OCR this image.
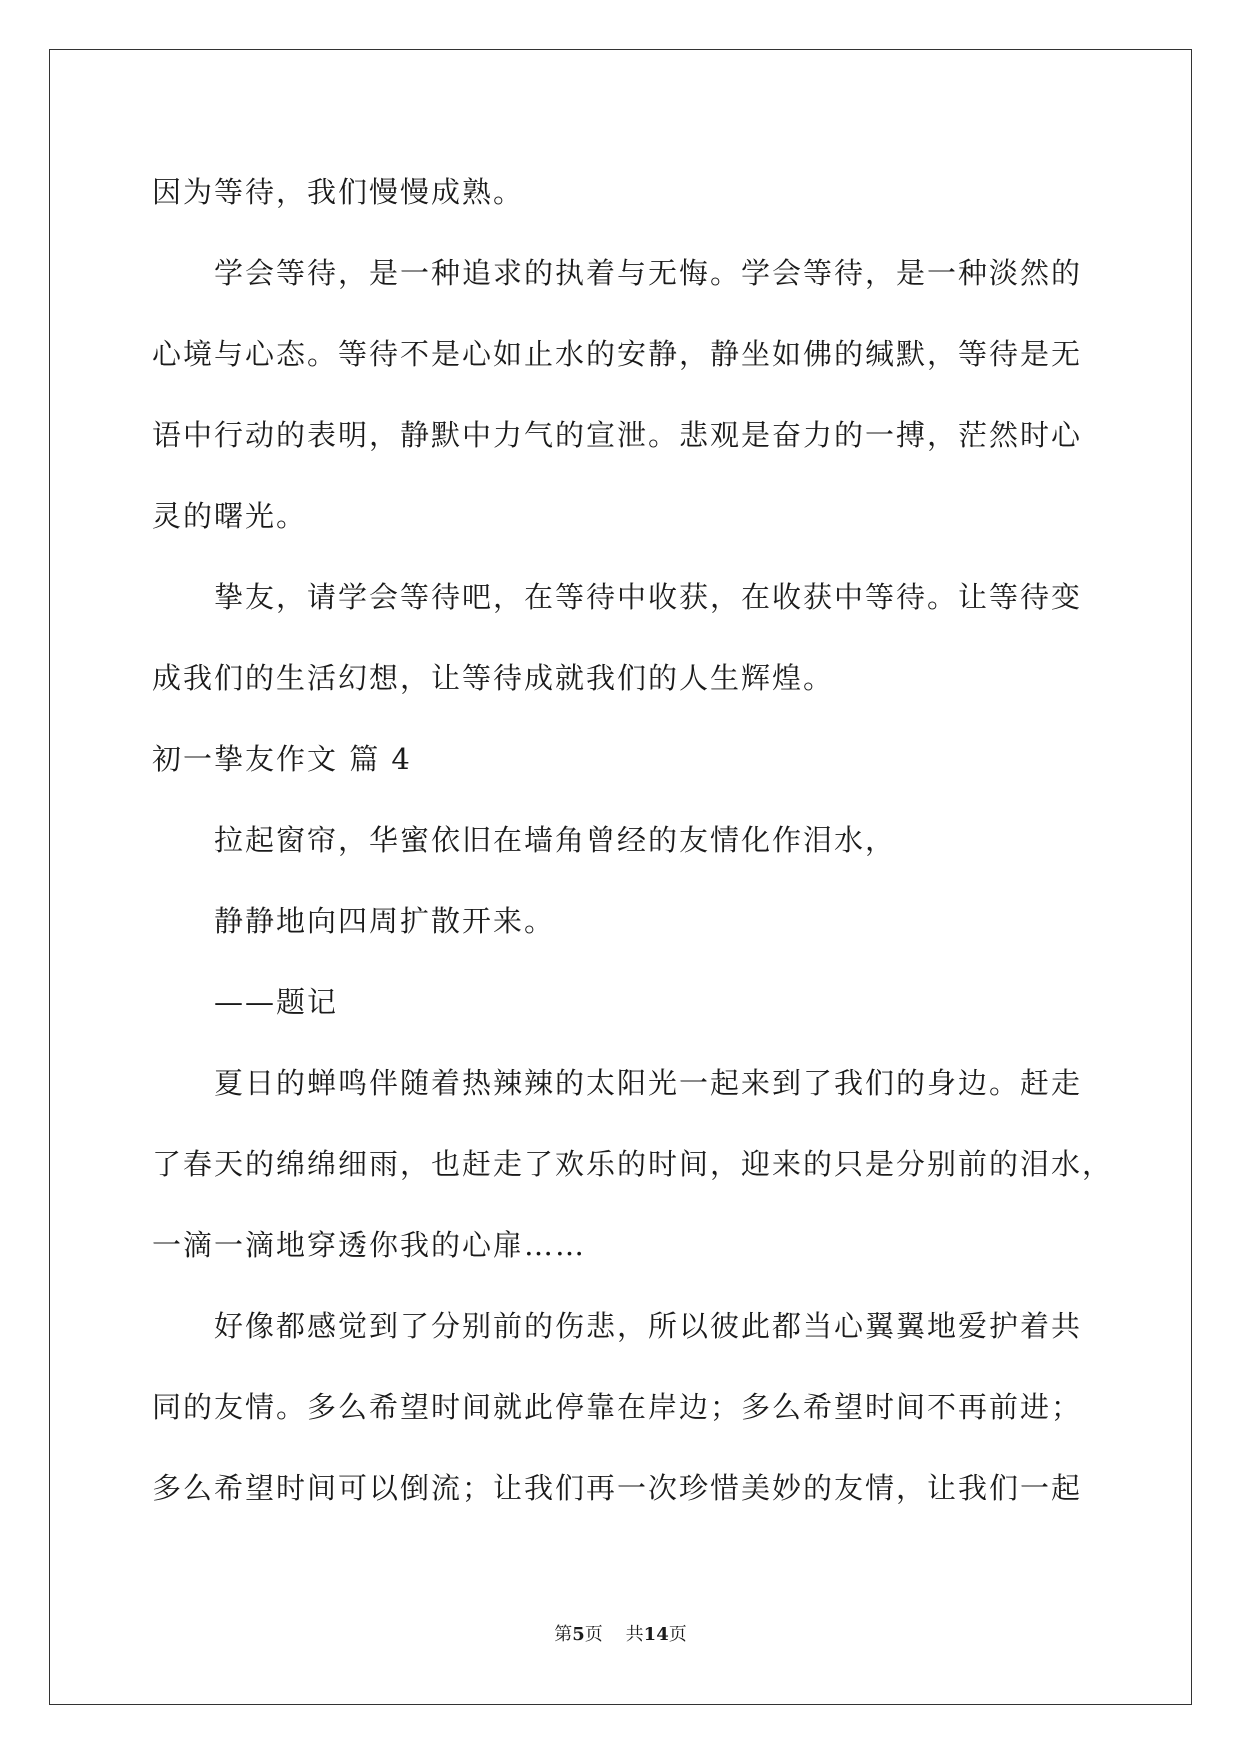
因为等待，我们慢慢成熟。
学会等待，是一种追求的执着与无悔。学会等待，是一种淡然的
心境与心态。等待不是心如止水的安静，静坐如佛的缄默，等待是无
语中行动的表明，静默中力气的宣泄。悲观是奋力的一搏，茫然时心
灵的曙光。
挚友，请学会等待吧，在等待中收获，在收获中等待。让等待变
成我们的生活幻想，让等待成就我们的人生辉煌。
初一挚友作文 篇 4
拉起窗帘，华蜜依旧在墙角曾经的友情化作泪水，
静静地向四周扩散开来。
——题记
夏日的蝉鸣伴随着热辣辣的太阳光一起来到了我们的身边。赶走
了春天的绵绵细雨，也赶走了欢乐的时间，迎来的只是分别前的泪水，
一滴一滴地穿透你我的心扉……
好像都感觉到了分别前的伤悲，所以彼此都当心翼翼地爱护着共
同的友情。多么希望时间就此停靠在岸边；多么希望时间不再前进；
多么希望时间可以倒流；让我们再一次珍惜美妙的友情，让我们一起
第5页 共14页
